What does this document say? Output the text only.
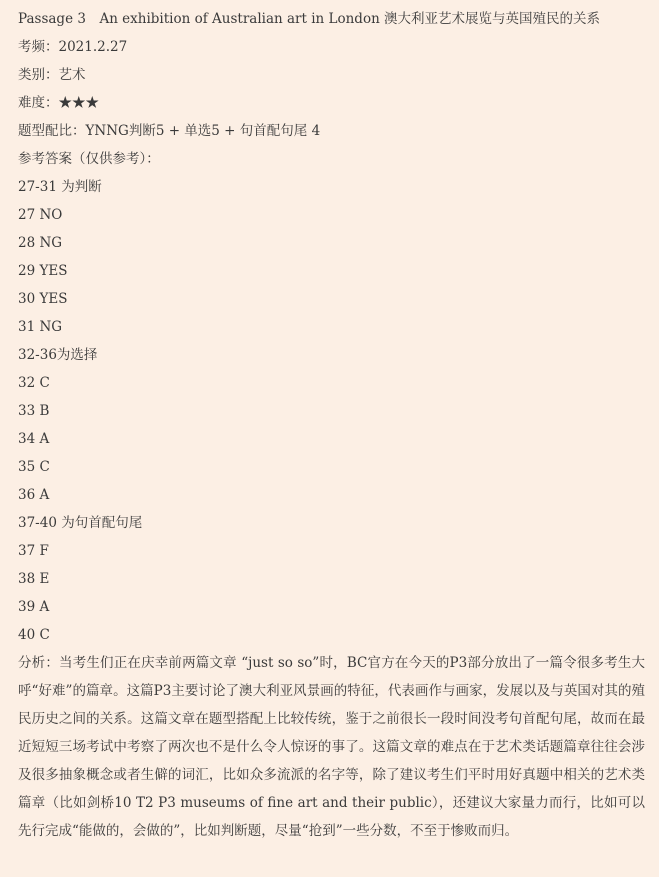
Passage 3 An exhibition of Australian art in London 澳大利亚艺术展览与英国殖民的关系
考频：2021.2.27
类别：艺术
难度：★★★
题型配比：YNNG判断5 + 单选5 + 句首配句尾 4
参考答案（仅供参考）：
27-31 为判断
27 NO
28 NG
29 YES
30 YES
31 NG
32-36为选择
32 C
33 B
34 A
35 C
36 A
37-40 为句首配句尾
37 F
38 E
39 A
40 C

分析：当考生们正在庆幸前两篇文章 “just so so”时，BC官方在今天的P3部分放出了一篇令很多考生大呼“好难”的篇章。这篇P3主要讨论了澳大利亚风景画的特征，代表画作与画家，发展以及与英国对其的殖民历史之间的关系。这篇文章在题型搭配上比较传统，鉴于之前很长一段时间没考句首配句尾，故而在最近短短三场考试中考察了两次也不是什么令人惊讶的事了。这篇文章的难点在于艺术类话题篇章往往会涉及很多抽象概念或者生僻的词汇，比如众多流派的名字等，除了建议考生们平时用好真题中相关的艺术类篇章（比如剑桥10 T2 P3 museums of fine art and their public），还建议大家量力而行，比如可以先行完成“能做的，会做的”，比如判断题，尽量“抢到”一些分数，不至于惨败而归。
